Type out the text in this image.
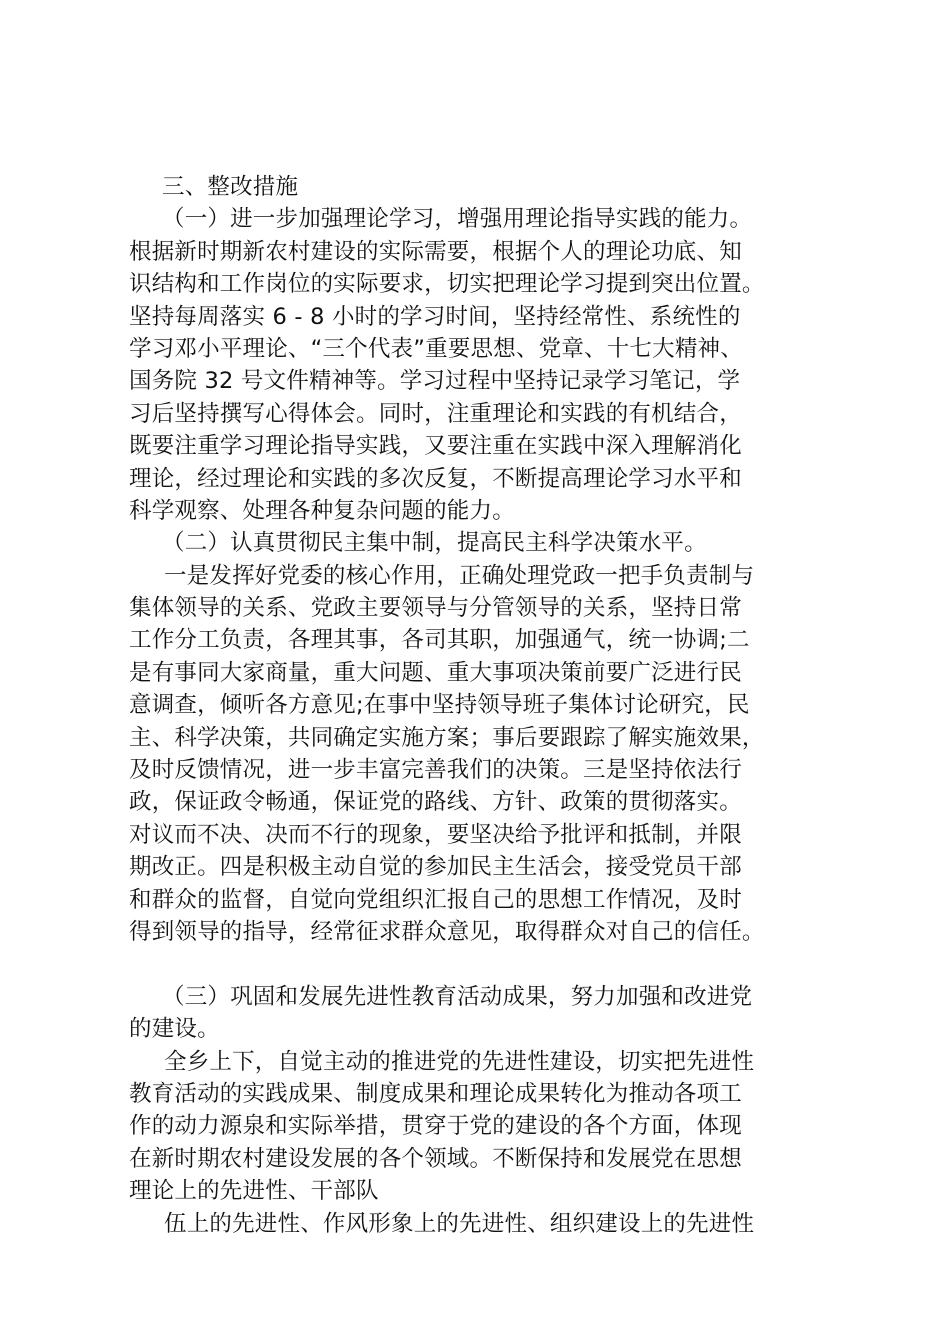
三、整改措施
（一）进一步加强理论学习，增强用理论指导实践的能力。
根据新时期新农村建设的实际需要，根据个人的理论功底、知
识结构和工作岗位的实际要求，切实把理论学习提到突出位置。
坚持每周落实 6 - 8 小时的学习时间，坚持经常性、系统性的
学习邓小平理论、“三个代表”重要思想、党章、十七大精神、
国务院 32 号文件精神等。学习过程中坚持记录学习笔记，学
习后坚持撰写心得体会。同时，注重理论和实践的有机结合，
既要注重学习理论指导实践，又要注重在实践中深入理解消化
理论，经过理论和实践的多次反复，不断提高理论学习水平和
科学观察、处理各种复杂问题的能力。
（二）认真贯彻民主集中制，提高民主科学决策水平。
一是发挥好党委的核心作用，正确处理党政一把手负责制与
集体领导的关系、党政主要领导与分管领导的关系，坚持日常
工作分工负责，各理其事，各司其职，加强通气，统一协调;二
是有事同大家商量，重大问题、重大事项决策前要广泛进行民
意调查，倾听各方意见;在事中坚持领导班子集体讨论研究，民
主、科学决策，共同确定实施方案；事后要跟踪了解实施效果，
及时反馈情况，进一步丰富完善我们的决策。三是坚持依法行
政，保证政令畅通，保证党的路线、方针、政策的贯彻落实。
对议而不决、决而不行的现象，要坚决给予批评和抵制，并限
期改正。四是积极主动自觉的参加民主生活会，接受党员干部
和群众的监督，自觉向党组织汇报自己的思想工作情况，及时
得到领导的指导，经常征求群众意见，取得群众对自己的信任。
（三）巩固和发展先进性教育活动成果，努力加强和改进党
的建设。
全乡上下，自觉主动的推进党的先进性建设，切实把先进性
教育活动的实践成果、制度成果和理论成果转化为推动各项工
作的动力源泉和实际举措，贯穿于党的建设的各个方面，体现
在新时期农村建设发展的各个领域。不断保持和发展党在思想
理论上的先进性、干部队
伍上的先进性、作风形象上的先进性、组织建设上的先进性
